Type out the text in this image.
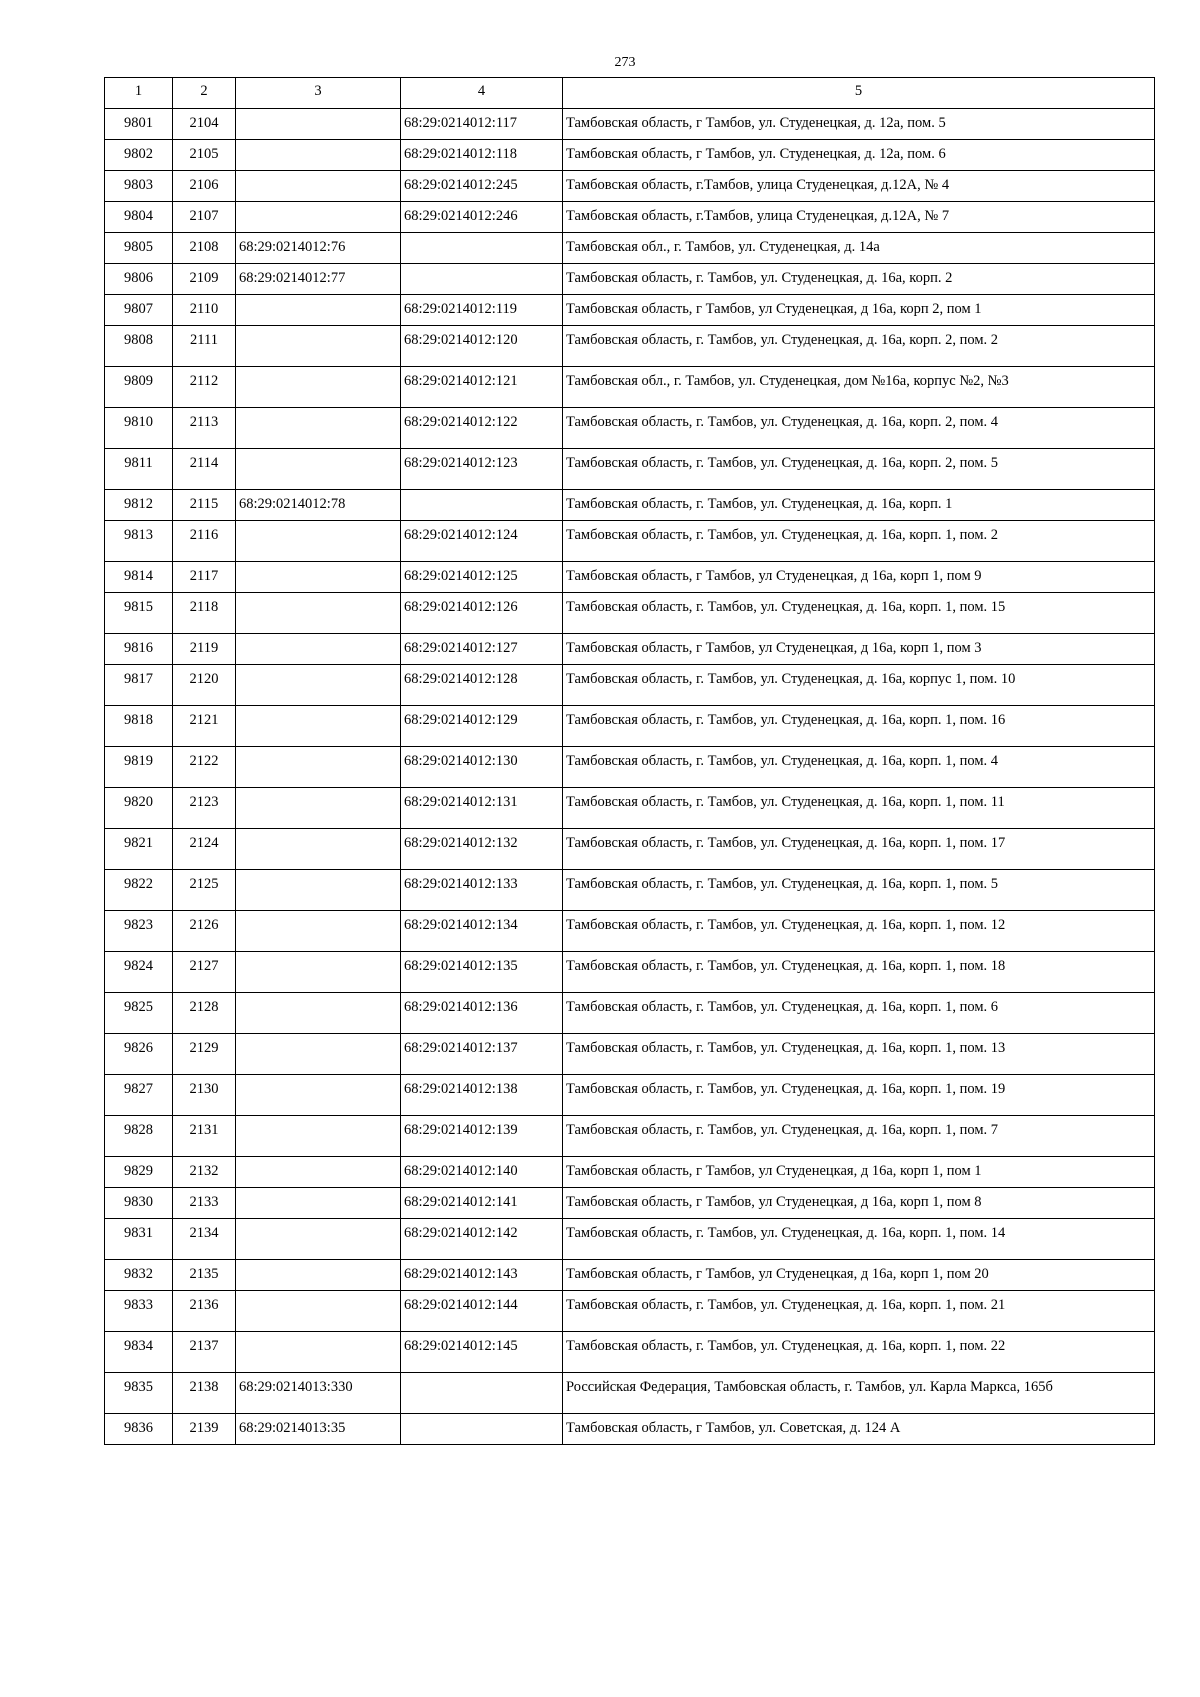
273
1	2	3	4	5
9801	2104		68:29:0214012:117	Тамбовская область, г Тамбов, ул. Студенецкая, д. 12а, пом. 5
9802	2105		68:29:0214012:118	Тамбовская область, г Тамбов, ул. Студенецкая, д. 12а, пом. 6
9803	2106		68:29:0214012:245	Тамбовская область, г.Тамбов, улица Студенецкая, д.12А, № 4
9804	2107		68:29:0214012:246	Тамбовская область, г.Тамбов, улица Студенецкая, д.12А, № 7
9805	2108	68:29:0214012:76		Тамбовская обл., г. Тамбов, ул. Студенецкая, д. 14а
9806	2109	68:29:0214012:77		Тамбовская область, г. Тамбов, ул. Студенецкая, д. 16а, корп. 2
9807	2110		68:29:0214012:119	Тамбовская область, г Тамбов, ул Студенецкая, д 16а, корп 2, пом 1
9808	2111		68:29:0214012:120	Тамбовская область, г. Тамбов, ул. Студенецкая, д. 16а, корп. 2, пом. 2
9809	2112		68:29:0214012:121	Тамбовская обл., г. Тамбов, ул. Студенецкая, дом №16а, корпус №2, №3
9810	2113		68:29:0214012:122	Тамбовская область, г. Тамбов, ул. Студенецкая, д. 16а, корп. 2, пом. 4
9811	2114		68:29:0214012:123	Тамбовская область, г. Тамбов, ул. Студенецкая, д. 16а, корп. 2, пом. 5
9812	2115	68:29:0214012:78		Тамбовская область, г. Тамбов, ул. Студенецкая, д. 16а, корп. 1
9813	2116		68:29:0214012:124	Тамбовская область, г. Тамбов, ул. Студенецкая, д. 16а, корп. 1, пом. 2
9814	2117		68:29:0214012:125	Тамбовская область, г Тамбов, ул Студенецкая, д 16а, корп 1, пом 9
9815	2118		68:29:0214012:126	Тамбовская область, г. Тамбов, ул. Студенецкая, д. 16а, корп. 1, пом. 15
9816	2119		68:29:0214012:127	Тамбовская область, г Тамбов, ул Студенецкая, д 16а, корп 1, пом 3
9817	2120		68:29:0214012:128	Тамбовская область, г. Тамбов, ул. Студенецкая, д. 16а, корпус 1, пом. 10
9818	2121		68:29:0214012:129	Тамбовская область, г. Тамбов, ул. Студенецкая, д. 16а, корп. 1, пом. 16
9819	2122		68:29:0214012:130	Тамбовская область, г. Тамбов, ул. Студенецкая, д. 16а, корп. 1, пом. 4
9820	2123		68:29:0214012:131	Тамбовская область, г. Тамбов, ул. Студенецкая, д. 16а, корп. 1, пом. 11
9821	2124		68:29:0214012:132	Тамбовская область, г. Тамбов, ул. Студенецкая, д. 16а, корп. 1, пом. 17
9822	2125		68:29:0214012:133	Тамбовская область, г. Тамбов, ул. Студенецкая, д. 16а, корп. 1, пом. 5
9823	2126		68:29:0214012:134	Тамбовская область, г. Тамбов, ул. Студенецкая, д. 16а, корп. 1, пом. 12
9824	2127		68:29:0214012:135	Тамбовская область, г. Тамбов, ул. Студенецкая, д. 16а, корп. 1, пом. 18
9825	2128		68:29:0214012:136	Тамбовская область, г. Тамбов, ул. Студенецкая, д. 16а, корп. 1, пом. 6
9826	2129		68:29:0214012:137	Тамбовская область, г. Тамбов, ул. Студенецкая, д. 16а, корп. 1, пом. 13
9827	2130		68:29:0214012:138	Тамбовская область, г. Тамбов, ул. Студенецкая, д. 16а, корп. 1, пом. 19
9828	2131		68:29:0214012:139	Тамбовская область, г. Тамбов, ул. Студенецкая, д. 16а, корп. 1, пом. 7
9829	2132		68:29:0214012:140	Тамбовская область, г Тамбов, ул Студенецкая, д 16а, корп 1, пом 1
9830	2133		68:29:0214012:141	Тамбовская область, г Тамбов, ул Студенецкая, д 16а, корп 1, пом 8
9831	2134		68:29:0214012:142	Тамбовская область, г. Тамбов, ул. Студенецкая, д. 16а, корп. 1, пом. 14
9832	2135		68:29:0214012:143	Тамбовская область, г Тамбов, ул Студенецкая, д 16а, корп 1, пом 20
9833	2136		68:29:0214012:144	Тамбовская область, г. Тамбов, ул. Студенецкая, д. 16а, корп. 1, пом. 21
9834	2137		68:29:0214012:145	Тамбовская область, г. Тамбов, ул. Студенецкая, д. 16а, корп. 1, пом. 22
9835	2138	68:29:0214013:330		Российская Федерация, Тамбовская область, г. Тамбов, ул. Карла Маркса, 165б
9836	2139	68:29:0214013:35		Тамбовская область, г Тамбов, ул. Советская, д. 124 А
